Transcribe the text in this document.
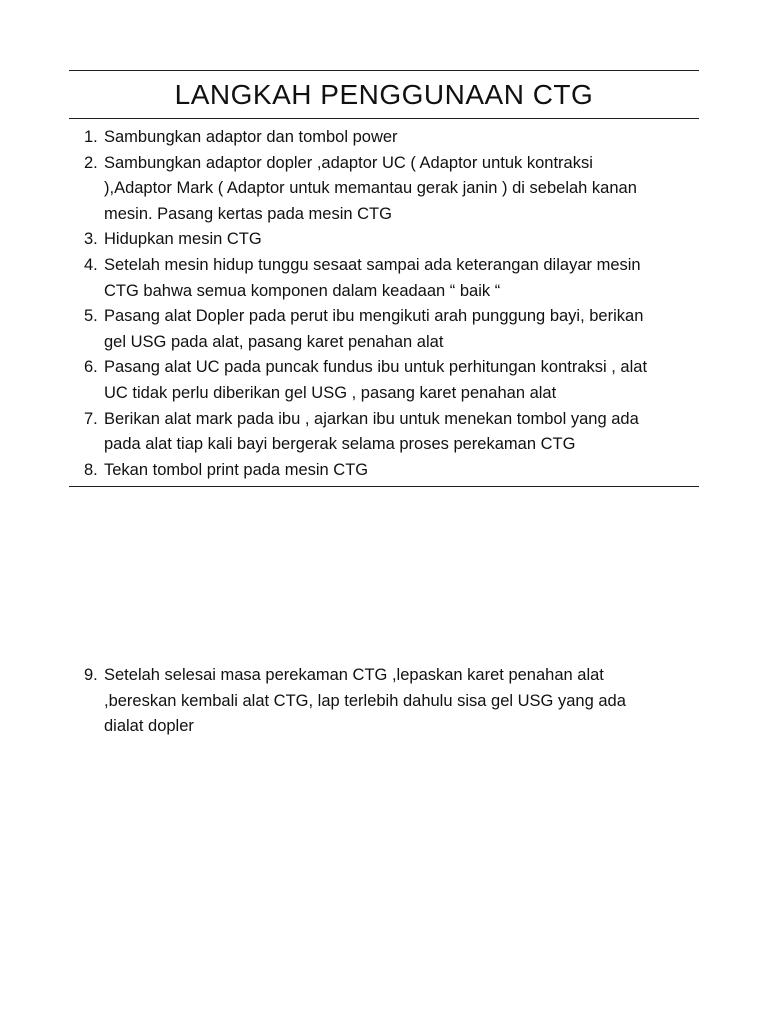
LANGKAH PENGGUNAAN CTG
1. Sambungkan adaptor dan tombol power
2. Sambungkan adaptor dopler ,adaptor UC ( Adaptor untuk kontraksi
),Adaptor Mark ( Adaptor untuk memantau gerak janin ) di sebelah kanan
mesin. Pasang kertas pada mesin CTG
3. Hidupkan mesin CTG
4. Setelah mesin hidup tunggu sesaat sampai ada keterangan dilayar mesin
CTG bahwa semua komponen dalam keadaan “ baik “
5. Pasang alat Dopler pada perut ibu mengikuti arah punggung bayi, berikan
gel USG pada alat, pasang karet penahan alat
6. Pasang alat UC pada puncak fundus ibu untuk perhitungan kontraksi , alat
UC tidak perlu diberikan gel USG , pasang karet penahan alat
7. Berikan alat mark pada ibu , ajarkan ibu untuk menekan tombol yang ada
pada alat tiap kali bayi bergerak selama proses perekaman CTG
8. Tekan tombol print pada mesin CTG
9. Setelah selesai masa perekaman CTG ,lepaskan karet penahan alat
,bereskan kembali alat CTG, lap terlebih dahulu sisa gel USG yang ada
dialat dopler
